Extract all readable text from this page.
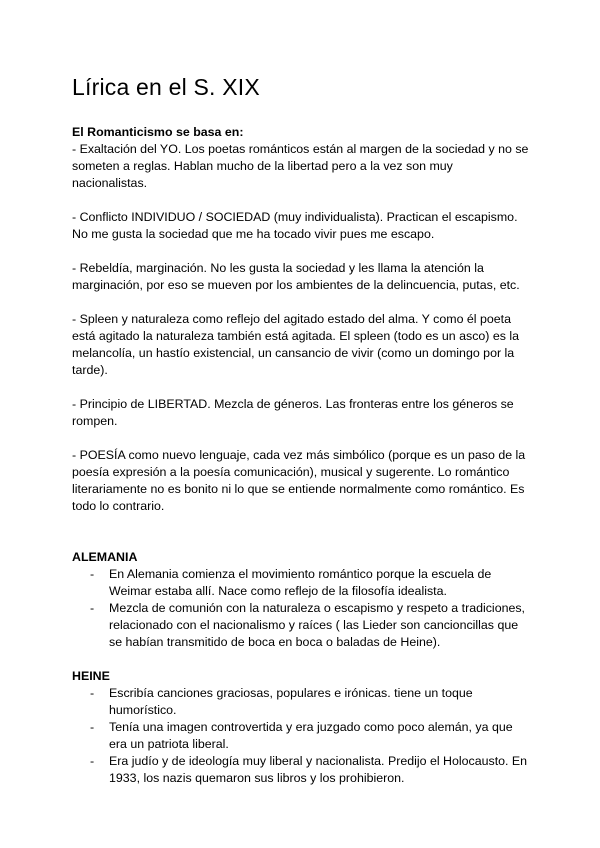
Lírica en el S. XIX

El Romanticismo se basa en:

- Exaltación del YO. Los poetas románticos están al margen de la sociedad y no se someten a reglas. Hablan mucho de la libertad pero a la vez son muy nacionalistas.

- Conflicto INDIVIDUO / SOCIEDAD (muy individualista). Practican el escapismo. No me gusta la sociedad que me ha tocado vivir pues me escapo.

- Rebeldía, marginación. No les gusta la sociedad y les llama la atención la marginación, por eso se mueven por los ambientes de la delincuencia, putas, etc.

- Spleen y naturaleza como reflejo del agitado estado del alma. Y como él poeta está agitado la naturaleza también está agitada. El spleen (todo es un asco) es la melancolía, un hastío existencial, un cansancio de vivir (como un domingo por la tarde).

- Principio de LIBERTAD. Mezcla de géneros. Las fronteras entre los géneros se rompen.

- POESÍA como nuevo lenguaje, cada vez más simbólico (porque es un paso de la poesía expresión a la poesía comunicación), musical y sugerente. Lo romántico literariamente no es bonito ni lo que se entiende normalmente como romántico. Es todo lo contrario.

ALEMANIA

- En Alemania comienza el movimiento romántico porque la escuela de Weimar estaba allí. Nace como reflejo de la filosofía idealista.
- Mezcla de comunión con la naturaleza o escapismo y respeto a tradiciones, relacionado con el nacionalismo y raíces ( las Lieder son cancioncillas que se habían transmitido de boca en boca o baladas de Heine).

HEINE

- Escribía canciones graciosas, populares e irónicas. tiene un toque humorístico.
- Tenía una imagen controvertida y era juzgado como poco alemán, ya que era un patriota liberal.
- Era judío y de ideología muy liberal y nacionalista. Predijo el Holocausto. En 1933, los nazis quemaron sus libros y los prohibieron.
